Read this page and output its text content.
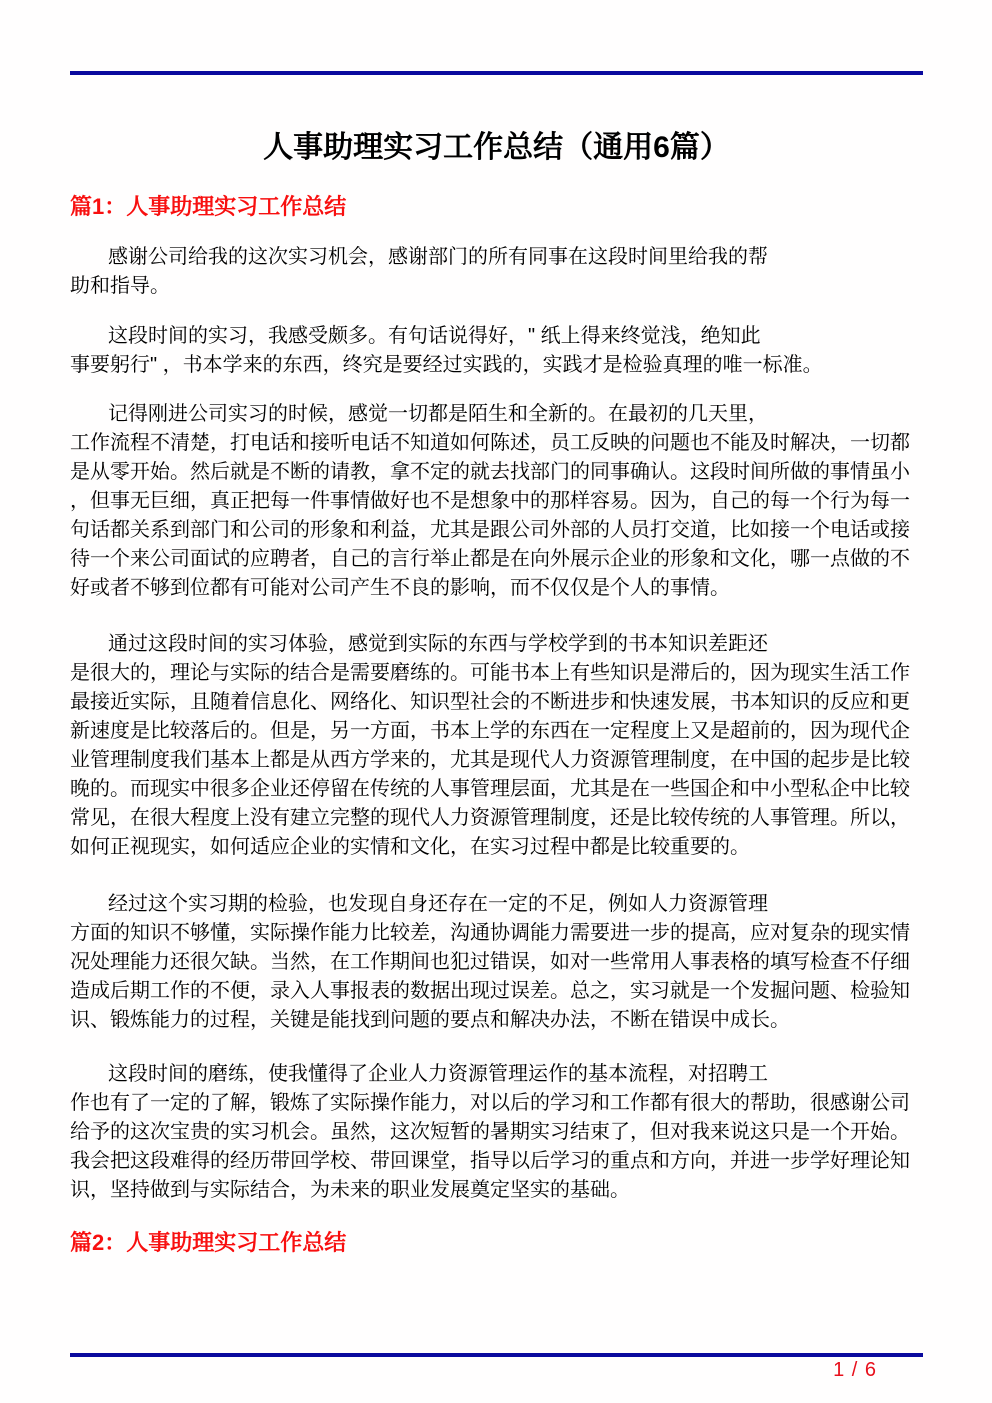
人事助理实习工作总结（通用6篇）
篇1：人事助理实习工作总结
感谢公司给我的这次实习机会，感谢部门的所有同事在这段时间里给我的帮
助和指导。
这段时间的实习，我感受颇多。有句话说得好，" 纸上得来终觉浅，绝知此
事要躬行" ，书本学来的东西，终究是要经过实践的，实践才是检验真理的唯一标准。
记得刚进公司实习的时候，感觉一切都是陌生和全新的。在最初的几天里，
工作流程不清楚，打电话和接听电话不知道如何陈述，员工反映的问题也不能及时解决，一切都
是从零开始。然后就是不断的请教，拿不定的就去找部门的同事确认。这段时间所做的事情虽小
，但事无巨细，真正把每一件事情做好也不是想象中的那样容易。因为，自己的每一个行为每一
句话都关系到部门和公司的形象和利益，尤其是跟公司外部的人员打交道，比如接一个电话或接
待一个来公司面试的应聘者，自己的言行举止都是在向外展示企业的形象和文化，哪一点做的不
好或者不够到位都有可能对公司产生不良的影响，而不仅仅是个人的事情。
通过这段时间的实习体验，感觉到实际的东西与学校学到的书本知识差距还
是很大的，理论与实际的结合是需要磨练的。可能书本上有些知识是滞后的，因为现实生活工作
最接近实际，且随着信息化、网络化、知识型社会的不断进步和快速发展，书本知识的反应和更
新速度是比较落后的。但是，另一方面，书本上学的东西在一定程度上又是超前的，因为现代企
业管理制度我们基本上都是从西方学来的，尤其是现代人力资源管理制度，在中国的起步是比较
晚的。而现实中很多企业还停留在传统的人事管理层面，尤其是在一些国企和中小型私企中比较
常见，在很大程度上没有建立完整的现代人力资源管理制度，还是比较传统的人事管理。所以，
如何正视现实，如何适应企业的实情和文化，在实习过程中都是比较重要的。
经过这个实习期的检验，也发现自身还存在一定的不足，例如人力资源管理
方面的知识不够懂，实际操作能力比较差，沟通协调能力需要进一步的提高，应对复杂的现实情
况处理能力还很欠缺。当然，在工作期间也犯过错误，如对一些常用人事表格的填写检查不仔细
造成后期工作的不便，录入人事报表的数据出现过误差。总之，实习就是一个发掘问题、检验知
识、锻炼能力的过程，关键是能找到问题的要点和解决办法，不断在错误中成长。
这段时间的磨练，使我懂得了企业人力资源管理运作的基本流程，对招聘工
作也有了一定的了解，锻炼了实际操作能力，对以后的学习和工作都有很大的帮助，很感谢公司
给予的这次宝贵的实习机会。虽然，这次短暂的暑期实习结束了，但对我来说这只是一个开始。
我会把这段难得的经历带回学校、带回课堂，指导以后学习的重点和方向，并进一步学好理论知
识，坚持做到与实际结合，为未来的职业发展奠定坚实的基础。
篇2：人事助理实习工作总结
1 / 6
